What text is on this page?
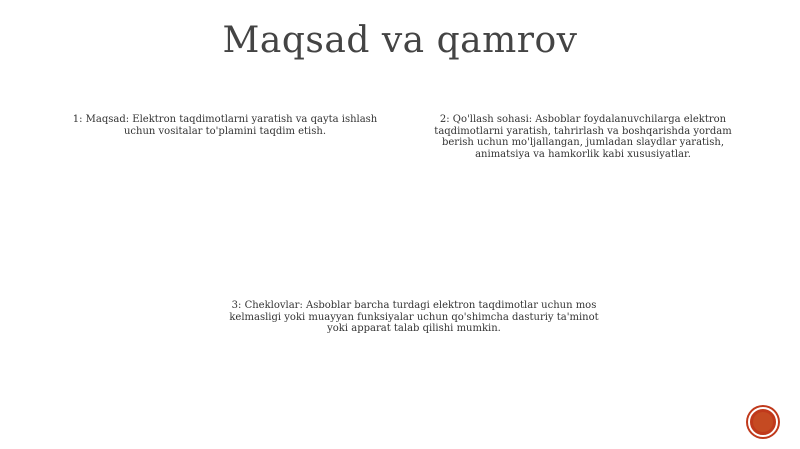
Maqsad va qamrov
1: Maqsad: Elektron taqdimotlarni yaratish va qayta ishlash uchun vositalar to'plamini taqdim etish.
2: Qo'llash sohasi: Asboblar foydalanuvchilarga elektron taqdimotlarni yaratish, tahrirlash va boshqarishda yordam berish uchun mo'ljallangan, jumladan slaydlar yaratish, animatsiya va hamkorlik kabi xususiyatlar.
3: Cheklovlar: Asboblar barcha turdagi elektron taqdimotlar uchun mos kelmasligi yoki muayyan funksiyalar uchun qo'shimcha dasturiy ta'minot yoki apparat talab qilishi mumkin.
